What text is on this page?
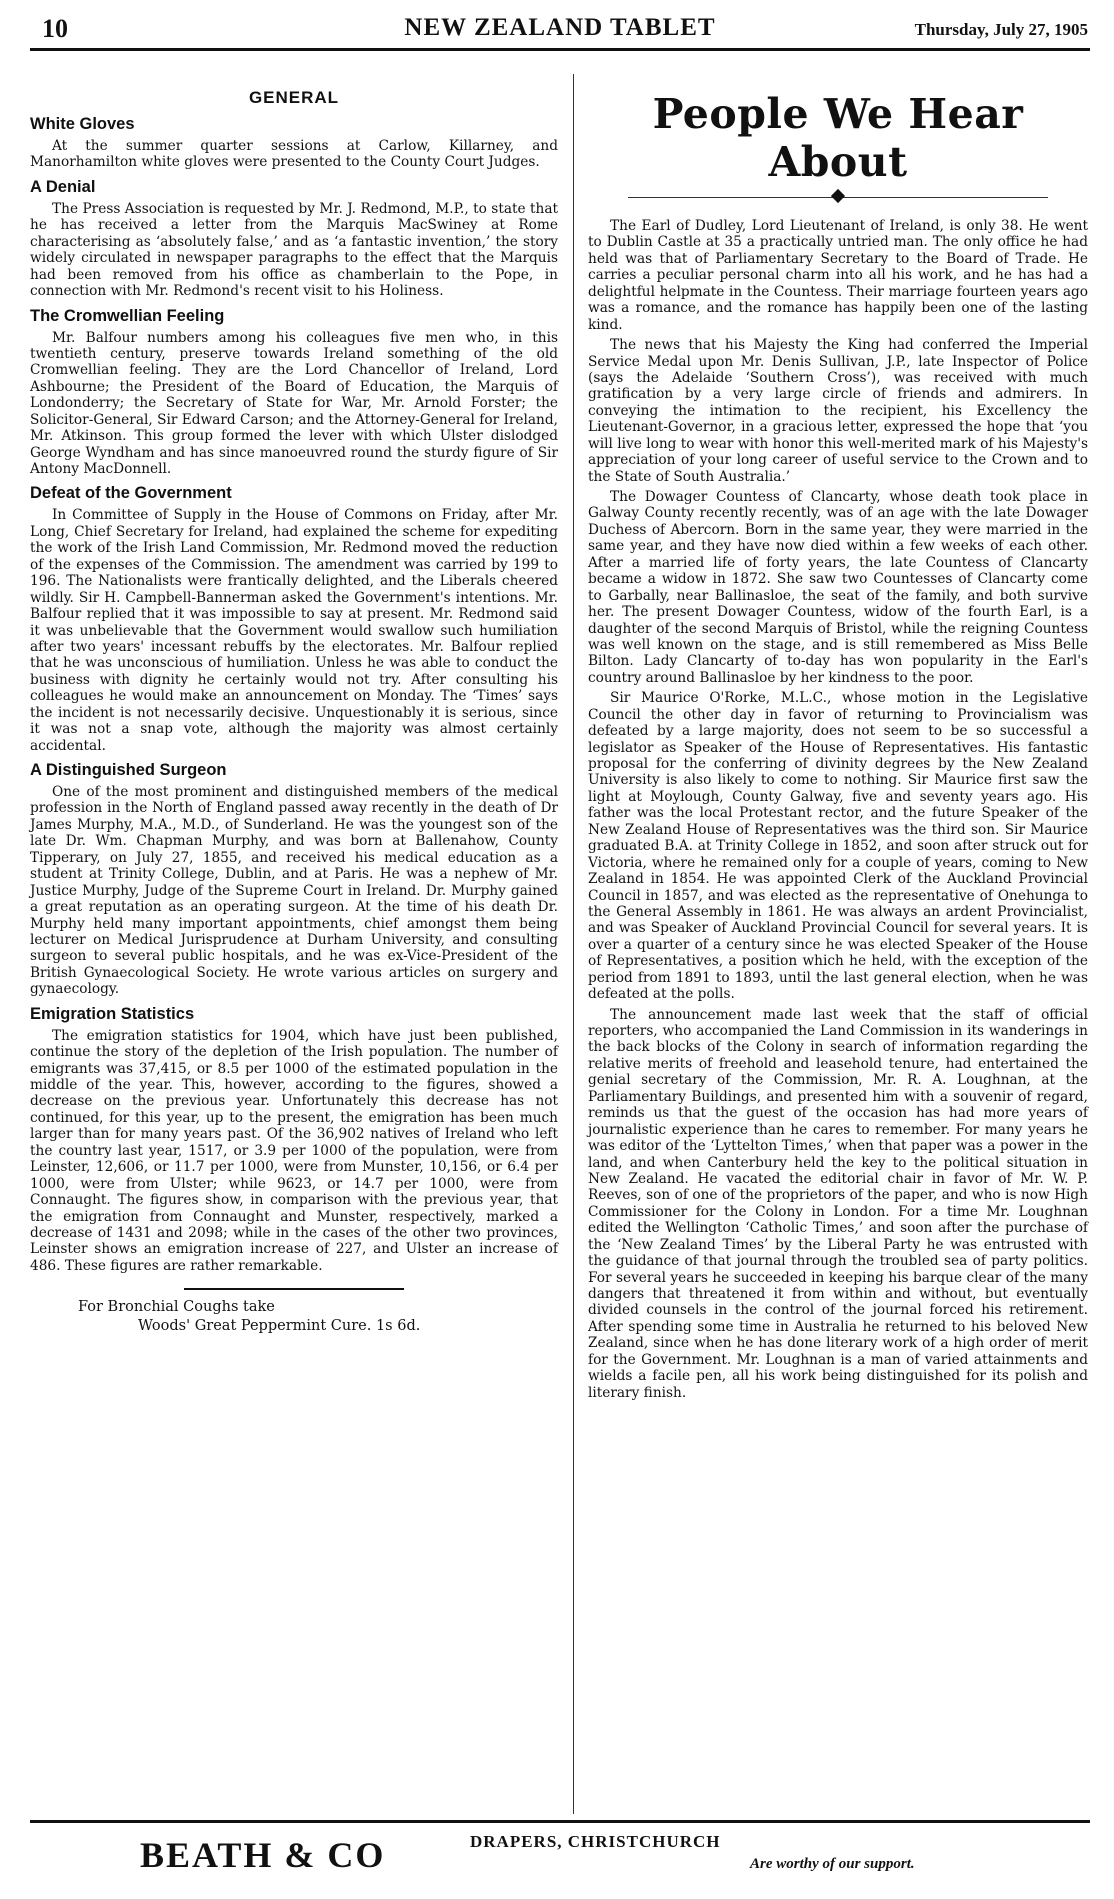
10	NEW ZEALAND TABLET	Thursday, July 27, 1905
GENERAL
White Gloves

At the summer quarter sessions at Carlow, Killarney, and Manorhamilton white gloves were presented to the County Court Judges.

A Denial

The Press Association is requested by Mr. J. Redmond, M.P., to state that he has received a letter from the Marquis MacSwiney at Rome characterising as ‘absolutely false,’ and as ‘a fantastic invention,’ the story widely circulated in newspaper paragraphs to the effect that the Marquis had been removed from his office as chamberlain to the Pope, in connection with Mr. Redmond's recent visit to his Holiness.

The Cromwellian Feeling

Mr. Balfour numbers among his colleagues five men who, in this twentieth century, preserve towards Ireland something of the old Cromwellian feeling. They are the Lord Chancellor of Ireland, Lord Ashbourne; the President of the Board of Education, the Marquis of Londonderry; the Secretary of State for War, Mr. Arnold Forster; the Solicitor-General, Sir Edward Carson; and the Attorney-General for Ireland, Mr. Atkinson. This group formed the lever with which Ulster dislodged George Wyndham and has since manoeuvred round the sturdy figure of Sir Antony MacDonnell.

Defeat of the Government

In Committee of Supply in the House of Commons on Friday, after Mr. Long, Chief Secretary for Ireland, had explained the scheme for expediting the work of the Irish Land Commission, Mr. Redmond moved the reduction of the expenses of the Commission. The amendment was carried by 199 to 196. The Nationalists were frantically delighted, and the Liberals cheered wildly. Sir H. Campbell-Bannerman asked the Government's intentions. Mr. Balfour replied that it was impossible to say at present. Mr. Redmond said it was unbelievable that the Government would swallow such humiliation after two years' incessant rebuffs by the electorates. Mr. Balfour replied that he was unconscious of humiliation. Unless he was able to conduct the business with dignity he certainly would not try. After consulting his colleagues he would make an announcement on Monday. The ‘Times’ says the incident is not necessarily decisive. Unquestionably it is serious, since it was not a snap vote, although the majority was almost certainly accidental.

A Distinguished Surgeon

One of the most prominent and distinguished members of the medical profession in the North of England passed away recently in the death of Dr James Murphy, M.A., M.D., of Sunderland. He was the youngest son of the late Dr. Wm. Chapman Murphy, and was born at Ballenahow, County Tipperary, on July 27, 1855, and received his medical education as a student at Trinity College, Dublin, and at Paris. He was a nephew of Mr. Justice Murphy, Judge of the Supreme Court in Ireland. Dr. Murphy gained a great reputation as an operating surgeon. At the time of his death Dr. Murphy held many important appointments, chief amongst them being lecturer on Medical Jurisprudence at Durham University, and consulting surgeon to several public hospitals, and he was ex-Vice-President of the British Gynaecological Society. He wrote various articles on surgery and gynaecology.

Emigration Statistics

The emigration statistics for 1904, which have just been published, continue the story of the depletion of the Irish population. The number of emigrants was 37,415, or 8.5 per 1000 of the estimated population in the middle of the year. This, however, according to the figures, showed a decrease on the previous year. Unfortunately this decrease has not continued, for this year, up to the present, the emigration has been much larger than for many years past. Of the 36,902 natives of Ireland who left the country last year, 1517, or 3.9 per 1000 of the population, were from Leinster, 12,606, or 11.7 per 1000, were from Munster, 10,156, or 6.4 per 1000, were from Ulster; while 9623, or 14.7 per 1000, were from Connaught. The figures show, in comparison with the previous year, that the emigration from Connaught and Munster, respectively, marked a decrease of 1431 and 2098; while in the cases of the other two provinces, Leinster shows an emigration increase of 227, and Ulster an increase of 486. These figures are rather remarkable.

For Bronchial Coughs take
Woods' Great Peppermint Cure. 1s 6d.
People We Hear About

The Earl of Dudley, Lord Lieutenant of Ireland, is only 38. He went to Dublin Castle at 35 a practically untried man. The only office he had held was that of Parliamentary Secretary to the Board of Trade. He carries a peculiar personal charm into all his work, and he has had a delightful helpmate in the Countess. Their marriage fourteen years ago was a romance, and the romance has happily been one of the lasting kind.

The news that his Majesty the King had conferred the Imperial Service Medal upon Mr. Denis Sullivan, J.P., late Inspector of Police (says the Adelaide ‘Southern Cross’), was received with much gratification by a very large circle of friends and admirers. In conveying the intimation to the recipient, his Excellency the Lieutenant-Governor, in a gracious letter, expressed the hope that ‘you will live long to wear with honor this well-merited mark of his Majesty's appreciation of your long career of useful service to the Crown and to the State of South Australia.’

The Dowager Countess of Clancarty, whose death took place in Galway County recently recently, was of an age with the late Dowager Duchess of Abercorn. Born in the same year, they were married in the same year, and they have now died within a few weeks of each other. After a married life of forty years, the late Countess of Clancarty became a widow in 1872. She saw two Countesses of Clancarty come to Garbally, near Ballinasloe, the seat of the family, and both survive her. The present Dowager Countess, widow of the fourth Earl, is a daughter of the second Marquis of Bristol, while the reigning Countess was well known on the stage, and is still remembered as Miss Belle Bilton. Lady Clancarty of to-day has won popularity in the Earl's country around Ballinasloe by her kindness to the poor.

Sir Maurice O'Rorke, M.L.C., whose motion in the Legislative Council the other day in favor of returning to Provincialism was defeated by a large majority, does not seem to be so successful a legislator as Speaker of the House of Representatives. His fantastic proposal for the conferring of divinity degrees by the New Zealand University is also likely to come to nothing. Sir Maurice first saw the light at Moylough, County Galway, five and seventy years ago. His father was the local Protestant rector, and the future Speaker of the New Zealand House of Representatives was the third son. Sir Maurice graduated B.A. at Trinity College in 1852, and soon after struck out for Victoria, where he remained only for a couple of years, coming to New Zealand in 1854. He was appointed Clerk of the Auckland Provincial Council in 1857, and was elected as the representative of Onehunga to the General Assembly in 1861. He was always an ardent Provincialist, and was Speaker of Auckland Provincial Council for several years. It is over a quarter of a century since he was elected Speaker of the House of Representatives, a position which he held, with the exception of the period from 1891 to 1893, until the last general election, when he was defeated at the polls.

The announcement made last week that the staff of official reporters, who accompanied the Land Commission in its wanderings in the back blocks of the Colony in search of information regarding the relative merits of freehold and leasehold tenure, had entertained the genial secretary of the Commission, Mr. R. A. Loughnan, at the Parliamentary Buildings, and presented him with a souvenir of regard, reminds us that the guest of the occasion has had more years of journalistic experience than he cares to remember. For many years he was editor of the ‘Lyttelton Times,’ when that paper was a power in the land, and when Canterbury held the key to the political situation in New Zealand. He vacated the editorial chair in favor of Mr. W. P. Reeves, son of one of the proprietors of the paper, and who is now High Commissioner for the Colony in London. For a time Mr. Loughnan edited the Wellington ‘Catholic Times,’ and soon after the purchase of the ‘New Zealand Times’ by the Liberal Party he was entrusted with the guidance of that journal through the troubled sea of party politics. For several years he succeeded in keeping his barque clear of the many dangers that threatened it from within and without, but eventually divided counsels in the control of the journal forced his retirement. After spending some time in Australia he returned to his beloved New Zealand, since when he has done literary work of a high order of merit for the Government. Mr. Loughnan is a man of varied attainments and wields a facile pen, all his work being distinguished for its polish and literary finish.

BEATH & CO	DRAPERS, CHRISTCHURCH
Are worthy of our support.
